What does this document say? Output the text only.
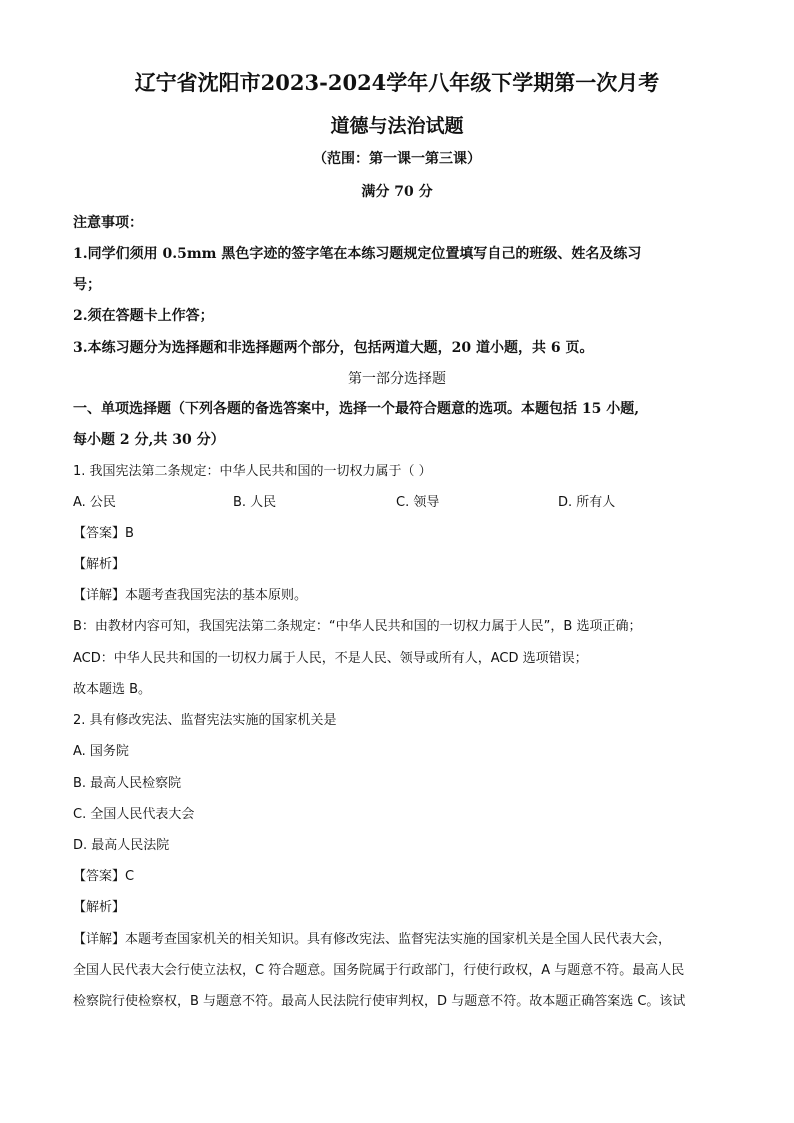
辽宁省沈阳市2023-2024学年八年级下学期第一次月考
道德与法治试题
（范围：第一课一第三课）
满分 70 分
注意事项：
1.同学们须用 0.5mm 黑色字迹的签字笔在本练习题规定位置填写自己的班级、姓名及练习
号；
2.须在答题卡上作答；
3.本练习题分为选择题和非选择题两个部分，包括两道大题，20 道小题，共 6 页。
第一部分选择题
一、单项选择题（下列各题的备选答案中，选择一个最符合题意的选项。本题包括 15 小题,
每小题 2 分,共 30 分）
1. 我国宪法第二条规定：中华人民共和国的一切权力属于（ ）
A. 公民	B. 人民	C. 领导	D. 所有人
【答案】B
【解析】
【详解】本题考查我国宪法的基本原则。
B：由教材内容可知，我国宪法第二条规定：“中华人民共和国的一切权力属于人民”，B 选项正确；
ACD：中华人民共和国的一切权力属于人民，不是人民、领导或所有人，ACD 选项错误；
故本题选 B。
2. 具有修改宪法、监督宪法实施的国家机关是
A. 国务院
B. 最高人民检察院
C. 全国人民代表大会
D. 最高人民法院
【答案】C
【解析】
【详解】本题考查国家机关的相关知识。具有修改宪法、监督宪法实施的国家机关是全国人民代表大会，
全国人民代表大会行使立法权，C 符合题意。国务院属于行政部门，行使行政权，A 与题意不符。最高人民
检察院行使检察权，B 与题意不符。最高人民法院行使审判权，D 与题意不符。故本题正确答案选 C。该试
